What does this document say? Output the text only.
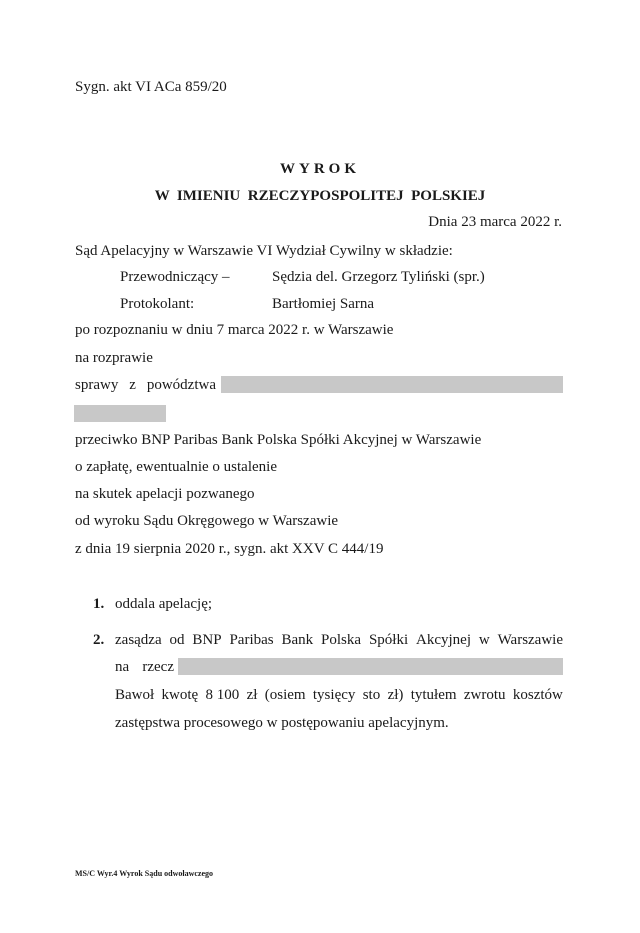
Sygn. akt VI ACa 859/20
WYROK
W  IMIENIU  RZECZYPOSPOLITEJ  POLSKIEJ
Dnia 23 marca 2022 r.
Sąd Apelacyjny w Warszawie VI Wydział Cywilny w składzie:
Przewodniczący –	Sędzia del. Grzegorz Tyliński (spr.)
Protokolant:	Bartłomiej Sarna
po rozpoznaniu w dniu 7 marca 2022 r. w Warszawie
na rozprawie
sprawy z powództwa
przeciwko BNP Paribas Bank Polska Spółki Akcyjnej w Warszawie
o zapłatę, ewentualnie o ustalenie
na skutek apelacji pozwanego
od wyroku Sądu Okręgowego w Warszawie
z dnia 19 sierpnia 2020 r., sygn. akt XXV C 444/19
1. oddala apelację;
2. zasądza od BNP Paribas Bank Polska Spółki Akcyjnej w Warszawie
na rzecz
Bawoł kwotę 8 100 zł (osiem tysięcy sto zł) tytułem zwrotu kosztów
zastępstwa procesowego w postępowaniu apelacyjnym.
MS/C Wyr.4 Wyrok Sądu odwoławczego
